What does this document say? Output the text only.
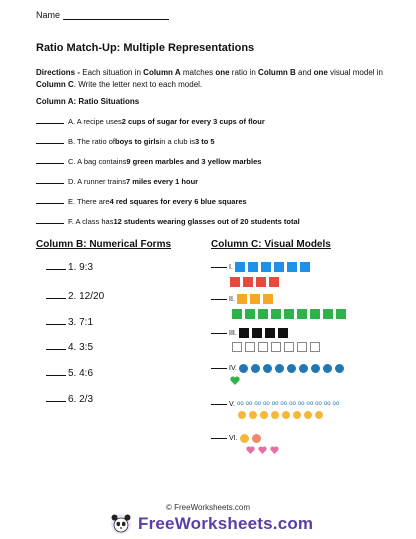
Name
Ratio Match-Up: Multiple Representations
Directions - Each situation in Column A matches one ratio in Column B and one visual model in Column C. Write the letter next to each model.
Column A: Ratio Situations
A. A recipe uses 2 cups of sugar for every 3 cups of flour
B. The ratio of boys to girls in a club is 3 to 5
C. A bag contains 9 green marbles and 3 yellow marbles
D. A runner trains 7 miles every 1 hour
E. There are 4 red squares for every 6 blue squares
F. A class has 12 students wearing glasses out of 20 students total
Column B: Numerical Forms	Column C: Visual Models
1. 9:3
2. 12/20
3. 7:1
4. 3:5
5. 4:6
6. 2/3
I.
II.
III.
IV.
V. oo oo oo oo oo oo oo oo oo oo oo oo
VI.
© FreeWorksheets.com
FreeWorksheets.com
